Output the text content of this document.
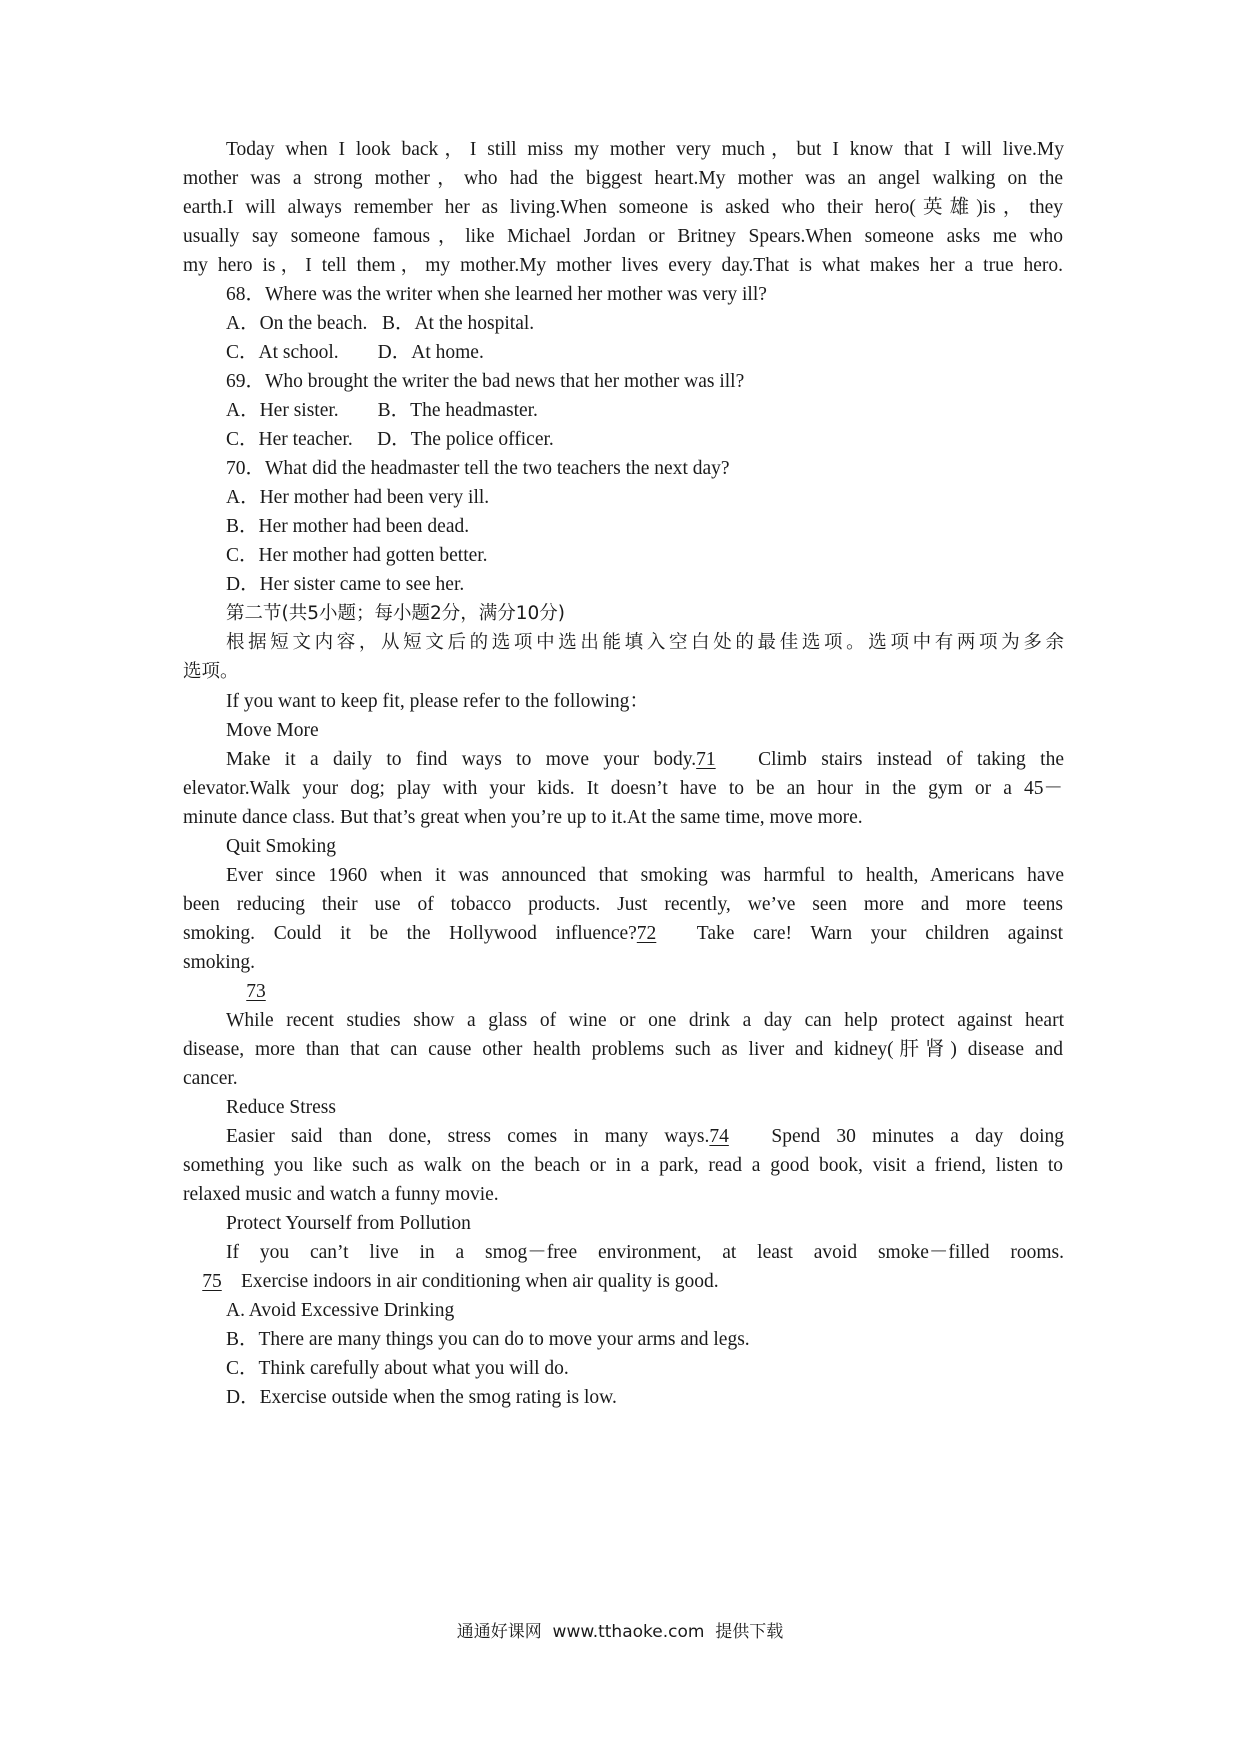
Today when I look back，I still miss my mother very much，but I know that I will live.My
mother was a strong mother，who had the biggest heart.My mother was an angel walking on the
earth.I will always remember her as living.When someone is asked who their hero(英雄)is，they
usually say someone famous，like Michael Jordan or Britney Spears.When someone asks me who
my hero is，I tell them，my mother.My mother lives every day.That is what makes her a true hero.
68．Where was the writer when she learned her mother was very ill?
A．On the beach.   B．At the hospital.
C．At school.        D．At home.
69．Who brought the writer the bad news that her mother was ill?
A．Her sister.        B．The headmaster.
C．Her teacher.     D．The police officer.
70．What did the headmaster tell the two teachers the next day?
A．Her mother had been very ill.
B．Her mother had been dead.
C．Her mother had gotten better.
D．Her sister came to see her.
第二节(共5小题；每小题2分，满分10分)
根据短文内容，从短文后的选项中选出能填入空白处的最佳选项。选项中有两项为多余
选项。
If you want to keep fit, please refer to the following：
Move More
Make it a daily to find ways to move your body.71 Climb stairs instead of taking the
elevator.Walk your dog; play with your kids. It doesn’t have to be an hour in the gym or a 45－
minute dance class. But that’s great when you’re up to it.At the same time, move more.
Quit Smoking
Ever since 1960 when it was announced that smoking was harmful to health, Americans have
been reducing their use of tobacco products. Just recently, we’ve seen more and more teens
smoking. Could it be the Hollywood influence?72 Take care! Warn your children against
smoking.
73
While recent studies show a glass of wine or one drink a day can help protect against heart
disease, more than that can cause other health problems such as liver and kidney(肝肾) disease and
cancer.
Reduce Stress
Easier said than done, stress comes in many ways.74 Spend 30 minutes a day doing
something you like such as walk on the beach or in a park, read a good book, visit a friend, listen to
relaxed music and watch a funny movie.
Protect Yourself from Pollution
If you can’t live in a smog－free environment, at least avoid smoke－filled rooms.
75 Exercise indoors in air conditioning when air quality is good.
A. Avoid Excessive Drinking
B．There are many things you can do to move your arms and legs.
C．Think carefully about what you will do.
D．Exercise outside when the smog rating is low.
通通好课网  www.tthaoke.com  提供下载
